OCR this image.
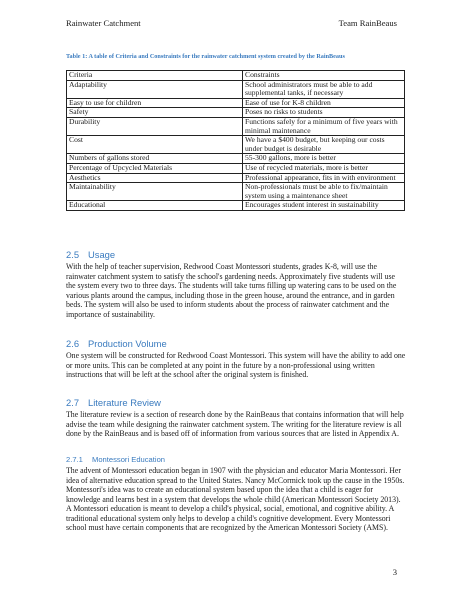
Rainwater Catchment	Team RainBeaus
Table 1: A table of Criteria and Constraints for the rainwater catchment system created by the RainBeaus
Criteria	Constraints
Adaptability	School administrators must be able to add supplemental tanks, if necessary
Easy to use for children	Ease of use for K-8 children
Safety	Poses no risks to students
Durability	Functions safely for a minimum of five years with minimal maintenance
Cost	We have a $400 budget, but keeping our costs under budget is desirable
Numbers of gallons stored	55-300 gallons, more is better
Percentage of Upcycled Materials	Use of recycled materials, more is better
Aesthetics	Professional appearance, fits in with environment
Maintainability	Non-professionals must be able to fix/maintain system using a maintenance sheet
Educational	Encourages student interest in sustainability
2.5 Usage
With the help of teacher supervision, Redwood Coast Montessori students, grades K-8, will use the rainwater catchment system to satisfy the school's gardening needs. Approximately five students will use the system every two to three days. The students will take turns filling up watering cans to be used on the various plants around the campus, including those in the green house, around the entrance, and in garden beds. The system will also be used to inform students about the process of rainwater catchment and the importance of sustainability.
2.6 Production Volume
One system will be constructed for Redwood Coast Montessori. This system will have the ability to add one or more units. This can be completed at any point in the future by a non-professional using written instructions that will be left at the school after the original system is finished.
2.7 Literature Review
The literature review is a section of research done by the RainBeaus that contains information that will help advise the team while designing the rainwater catchment system. The writing for the literature review is all done by the RainBeaus and is based off of information from various sources that are listed in Appendix A.
2.7.1 Montessori Education
The advent of Montessori education began in 1907 with the physician and educator Maria Montessori. Her idea of alternative education spread to the United States. Nancy McCormick took up the cause in the 1950s. Montessori's idea was to create an educational system based upon the idea that a child is eager for knowledge and learns best in a system that develops the whole child (American Montessori Society 2013). A Montessori education is meant to develop a child's physical, social, emotional, and cognitive ability. A traditional educational system only helps to develop a child's cognitive development. Every Montessori school must have certain components that are recognized by the American Montessori Society (AMS).
3
